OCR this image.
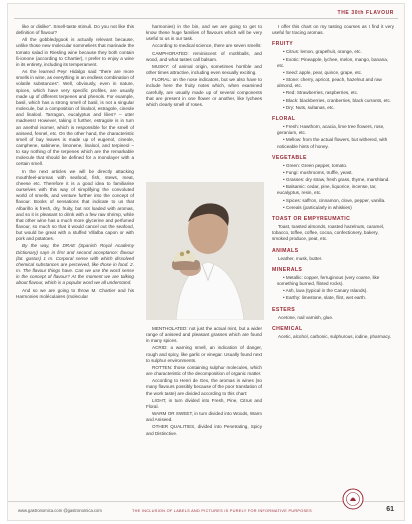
THE 30th FLAVOUR

like or dislike". Smell-taste stimuli. Do you not like this definition of flavour?

All the gobbledygook is actually relevant because, unlike those new molecular sommeliers that marinade the tomato salad in Riesling wine because they both contain ß-ionone (according to Chartier), I prefer to enjoy a wine in its entirety, including its temperament.

As the learned Peyr Hidalgo said "there are more smells in wine, as everything in an endless combination of volatile substances". Well, obviously, even in nature, spices, which have very specific profiles, are usually made up of different terpenes and phenols. For example, basil, which has a strong smell of basil, is not a singular molecule, but a composition of linalool, estragole, cineole and linalool. Tarragon, eucalyptus and lilies? – utter madness! However, taking it further, estragole is in turn an anethol isomer, which is responsible for the smell of aniseed, fennel, etc. On the other hand, the characteristic smell of bay leaves is made up of eugenol, cineole, camphene, sabinene, limonene, linalool, and terpineol – to say nothing of the terpenes which are the remarkable molecule that should be defined for a monolayer with a certain smell.

In the next articles we will be directly attacking mouthfeel-aromas with seafood, fish, stews, meat, cheese etc. Therefore it is a good idea to familiarise ourselves with this way of simplifying the convoluted world of smells, and venture further into the concept of flavour. Books of sensations that indicate to us that Albariño is fresh, dry, fruity, but not loaded with aromas, and so it is pleasant to drink with a few raw shrimp, while that other wine has a much more glycerine and perfumed flavour, so much so that it would cancel out the seafood, but would be great with a stuffed Villalba capon or with pork and potatoes.

By the way, the DRAE (Spanish Royal Academy Dictionary) says in first and second acceptance: flavour (lat. gustus) 1 m. Corporal sense with which dissolved chemical substances are perceived, like those in food. 2. m. The flavour things have. Can we use the word sense in the concept of flavour? At the moment we are talking about flavour, which is a popular word we all understand.

And so we are going to throw M. Chartier and his Harmonies moléculaires (molecular

harmonies) in the bin, and we are going to get to know these huge families of flavours which will be very useful to us in our task.

According to medical science, there are seven smells:

CAMPHORATED: reminiscent of mothballs, and wood, and what tastes call balsam.

MUSKY: of animal origin, sometimes horrible and other times attractive, including even sexually exciting.

FLORAL: on the nose indicators, but we also have to include here the fruity notes which, when examined carefully, are usually made up of several components that are present in one flower or another, like lychees which clearly smell of roses.

MENTHOLATED: not just the actual mint, but a wider range of aniseed and pleasant grasses which are found in many spices.

ACRID: a warning smell, an indication of danger, rough and spicy, like garlic or vinegar. Usually found next to sulphur environments.

ROTTEN: those containing sulphur molecules, which are characteristic of the decomposition of organic matter.

According to Henri de Gex, the aromas in wines (so many flavours possibly because of the poor translation of the work taste) are divided according to this chart:

LIGHT, in turn divided into Fresh, Pine, Citrus and Floral.

WARM OR SWEET, in turn divided into Woods, Warm and Aniseed.

OTHER QUALITIES, divided into Penetrating, Spicy and Distinctive.

I offer this chart on my tasting courses as I find it very useful for tracing aromas.

FRUITY

• Citrus: lemon, grapefruit, orange, etc.

• Exotic: Pineapple, lychee, melon, mango, banana, etc.

• Seed: apple, pear, quince, grape, etc.

• Stone: cherry, apricot, peach, hazelnut and raw almond, etc.

• Red: Strawberries, raspberries, etc.

• Black: blackberries, cranberries, black currants, etc.

• Dry: Nuts, sultanas, etc.

FLORAL

• Fresh: Hawthorn, acacia, lime tree flowers, rose, geranium, etc.

• Mellow: from the actual flowers, but withered, with noticeable hints of honey.

VEGETABLE

• Green: Green pepper, tomato.

• Fungi: mushrooms, truffle, yeast.

• Grasses: dry straw, fresh grass, thyme, marshland.

• Balsamic: cedar, pine, liquorice, incense, tar, eucalyptus, resin, etc.

• Spices: saffron, cinnamon, clove, pepper, vanilla.

• Cereals (particularly in whiskies)

TOAST OR EMPYREUMATIC

Toast, toasted almonds, roasted hazelnuts, caramel, tobacco, toffee, coffee, cocoa, confectionery, bakery, smoked produce, peat, etc.

ANIMALS

Leather, musk, butter.

MINERALS

• Metallic: copper, ferruginous (very coarse, like something burned, flinted rocks).

• Ash, lava (typical in the Canary Islands).

• Earthy: limestone, slate, flint, wet earth.

ESTERS

Acetone, nail varnish, glue.

CHEMICAL

Acetic, alcohol, carbonic, sulphurous, iodine, pharmacy.

www.gastronomica.com @gastronomica.com	THE INCLUSION OF LABELS AND PICTURES IS PURELY FOR INFORMATIVE PURPOSES	61
